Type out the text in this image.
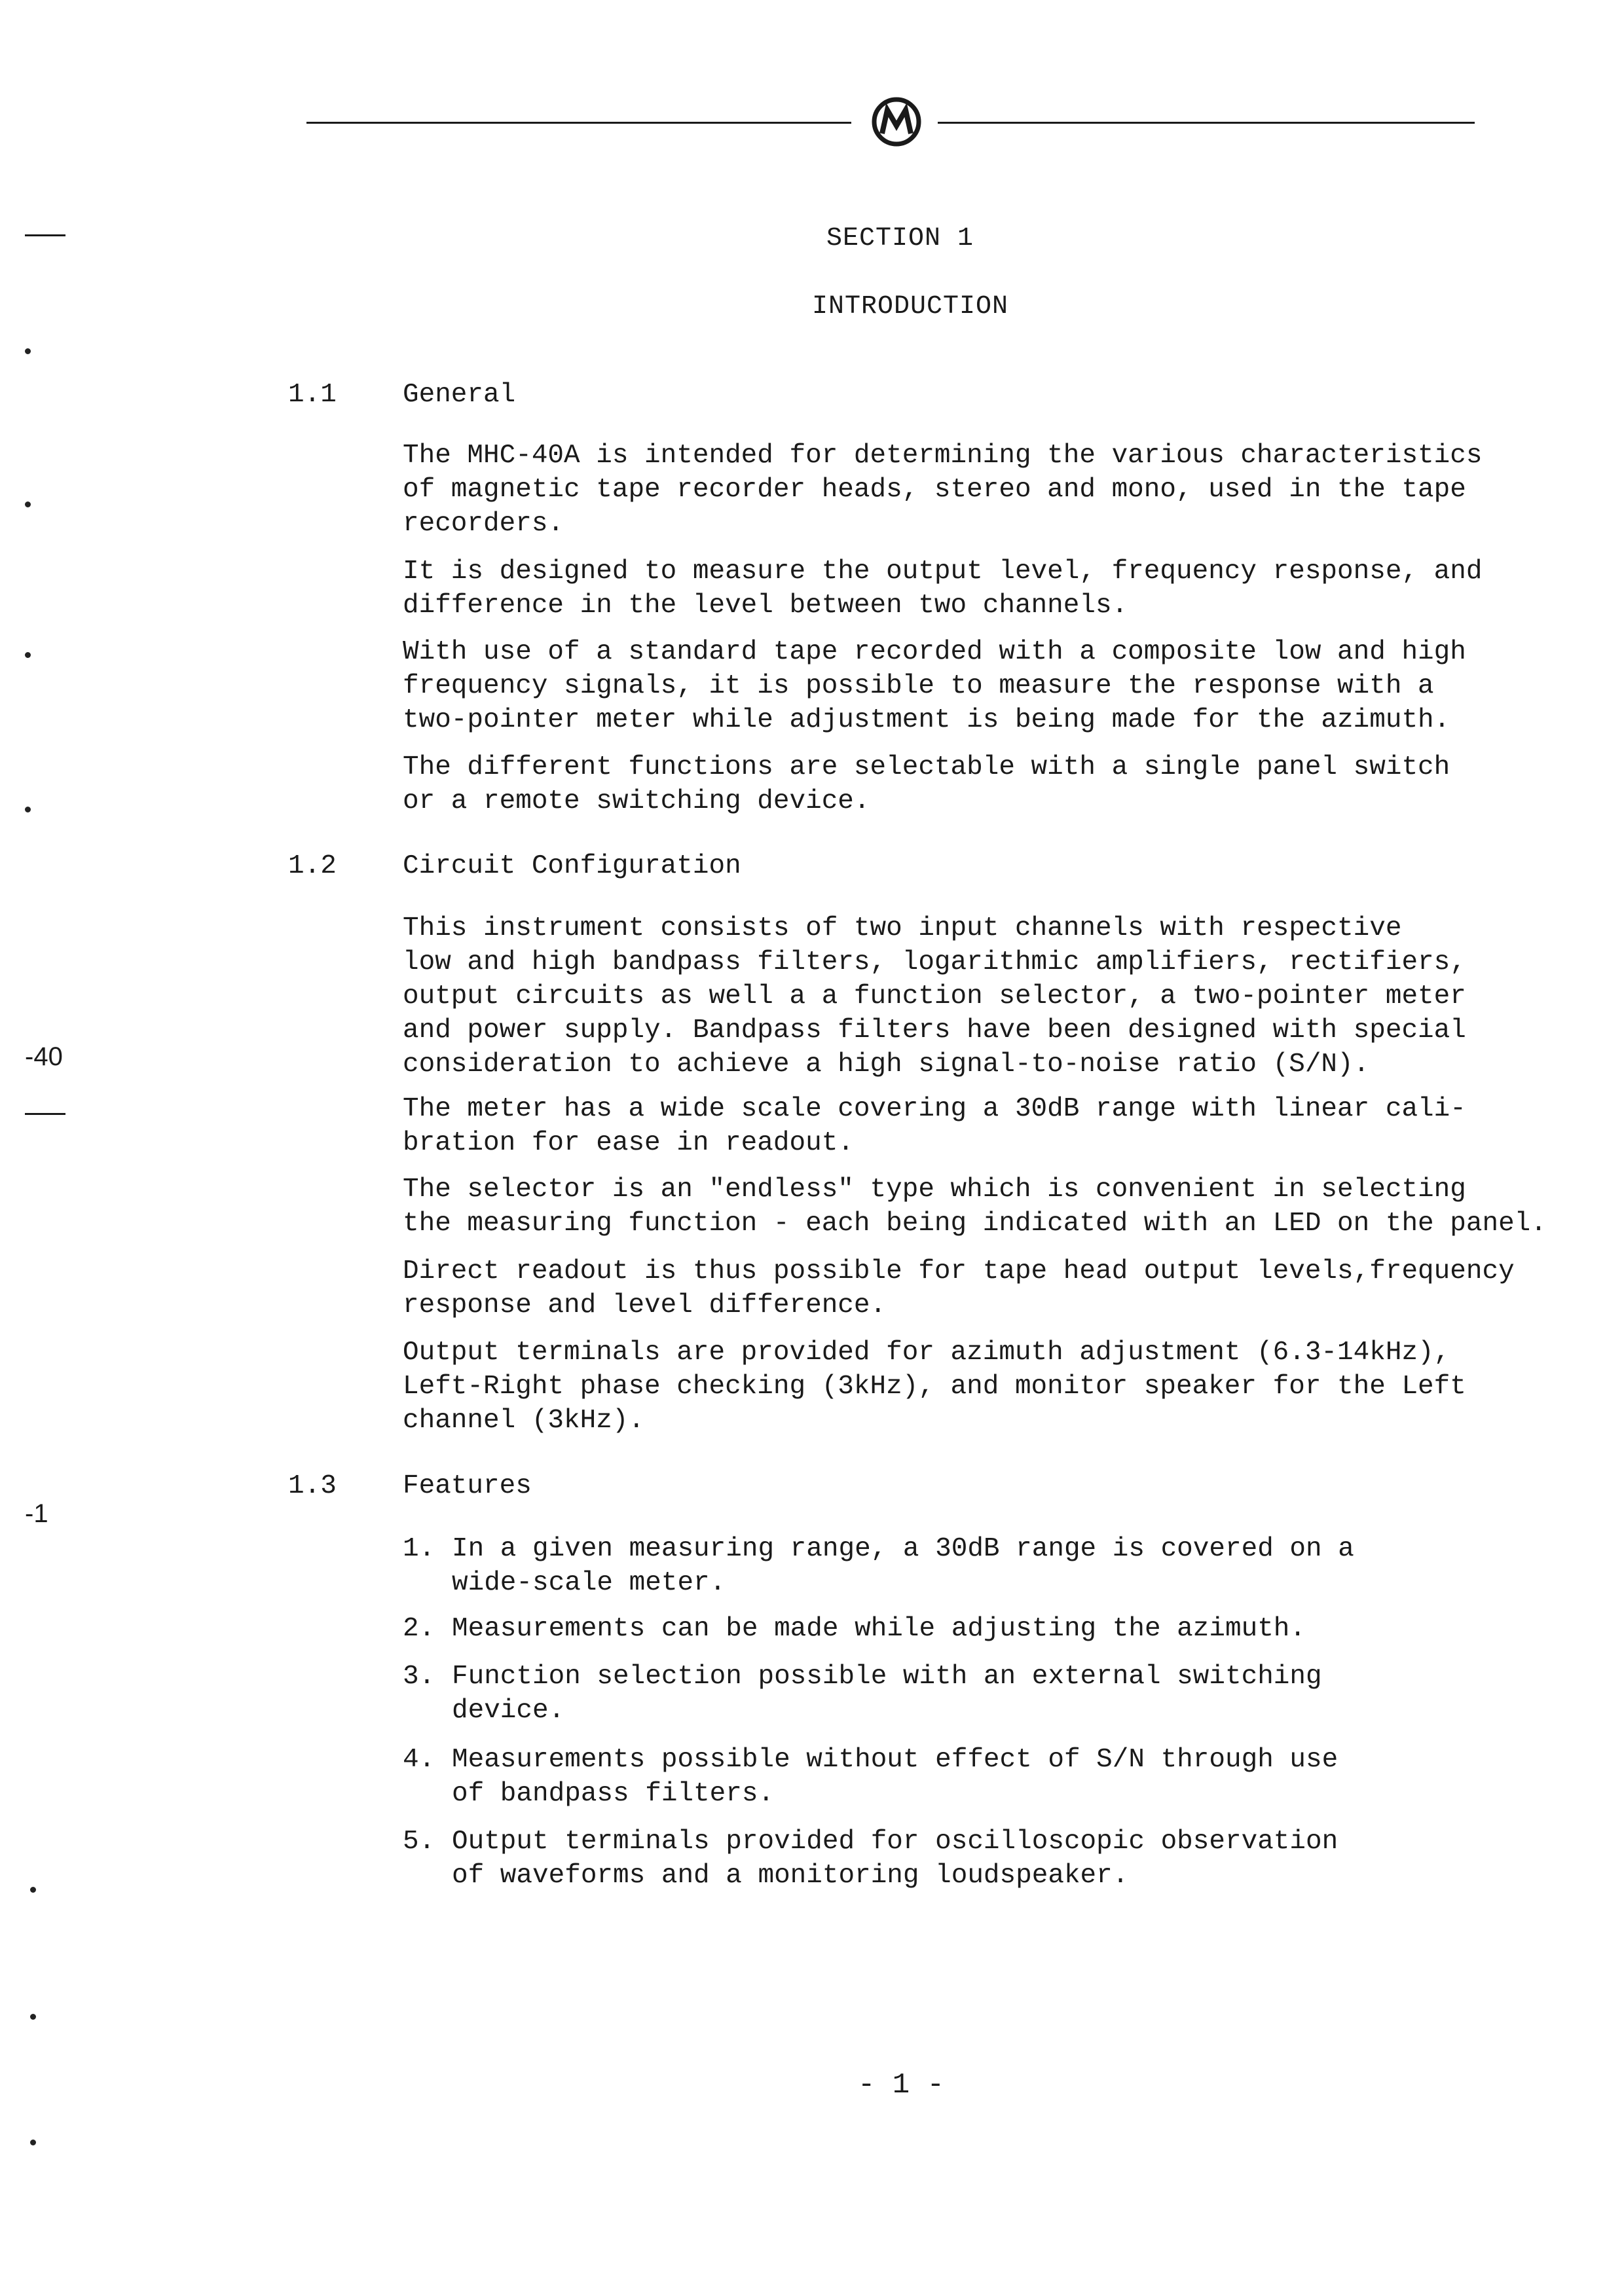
SECTION 1
INTRODUCTION
1.1 General
The MHC-40A is intended for determining the various characteristics
of magnetic tape recorder heads, stereo and mono, used in the tape
recorders.
It is designed to measure the output level, frequency response, and
difference in the level between two channels.
With use of a standard tape recorded with a composite low and high
frequency signals, it is possible to measure the response with a
two-pointer meter while adjustment is being made for the azimuth.
The different functions are selectable with a single panel switch
or a remote switching device.
1.2 Circuit Configuration
This instrument consists of two input channels with respective
low and high bandpass filters, logarithmic amplifiers, rectifiers,
output circuits as well a a function selector, a two-pointer meter
and power supply. Bandpass filters have been designed with special
consideration to achieve a high signal-to-noise ratio (S/N).
The meter has a wide scale covering a 30dB range with linear cali-
bration for ease in readout.
The selector is an "endless" type which is convenient in selecting
the measuring function - each being indicated with an LED on the panel.
Direct readout is thus possible for tape head output levels,frequency
response and level difference.
Output terminals are provided for azimuth adjustment (6.3-14kHz),
Left-Right phase checking (3kHz), and monitor speaker for the Left
channel (3kHz).
1.3 Features
1. In a given measuring range, a 30dB range is covered on a
wide-scale meter.
2. Measurements can be made while adjusting the azimuth.
3. Function selection possible with an external switching
device.
4. Measurements possible without effect of S/N through use
of bandpass filters.
5. Output terminals provided for oscilloscopic observation
of waveforms and a monitoring loudspeaker.
-40
-1
- 1 -
